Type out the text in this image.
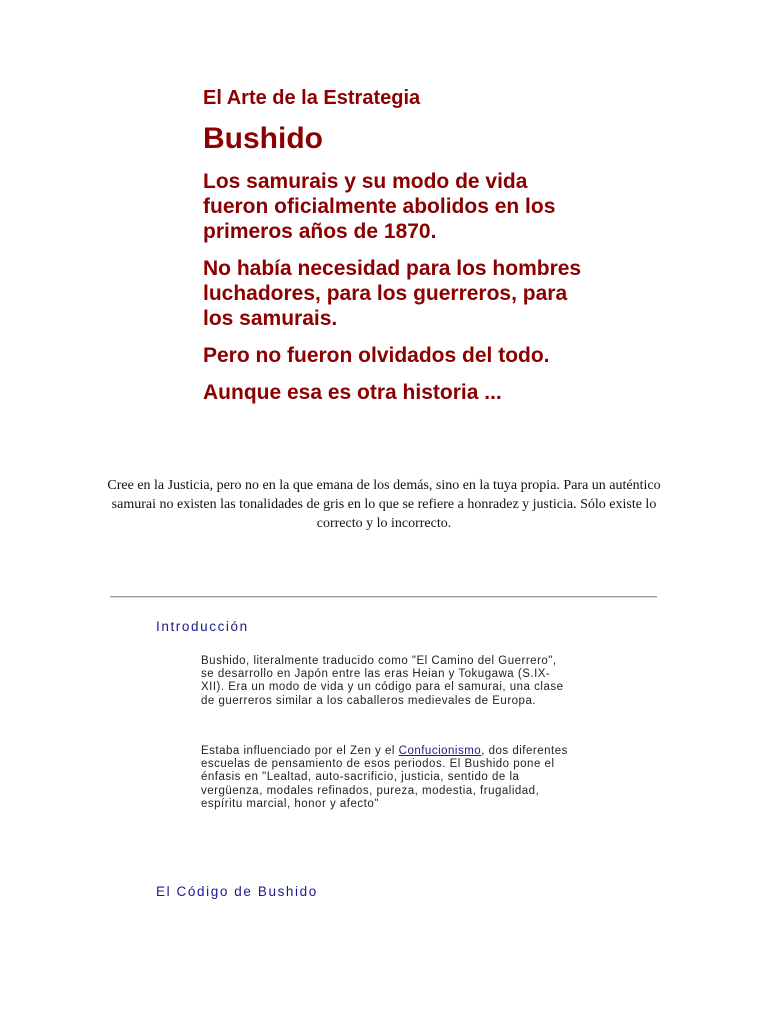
El Arte de la Estrategia
Bushido
Los samurais y su modo de vida fueron oficialmente abolidos en los primeros años de 1870.
No había necesidad para los hombres luchadores, para los guerreros, para los samurais.
Pero no fueron olvidados del todo.
Aunque esa es otra historia ...

Cree en la Justicia, pero no en la que emana de los demás, sino en la tuya propia. Para un auténtico samurai no existen las tonalidades de gris en lo que se refiere a honradez y justicia. Sólo existe lo correcto y lo incorrecto.

Introducción

Bushido, literalmente traducido como "El Camino del Guerrero", se desarrollo en Japón entre las eras Heian y Tokugawa (S.IX-XII). Era un modo de vida y un código para el samurai, una clase de guerreros similar a los caballeros medievales de Europa.

Estaba influenciado por el Zen y el Confucionismo, dos diferentes escuelas de pensamiento de esos periodos. El Bushido pone el énfasis en "Lealtad, auto-sacrificio, justicia, sentido de la vergüenza, modales refinados, pureza, modestia, frugalidad, espíritu marcial, honor y afecto"

El Código de Bushido
